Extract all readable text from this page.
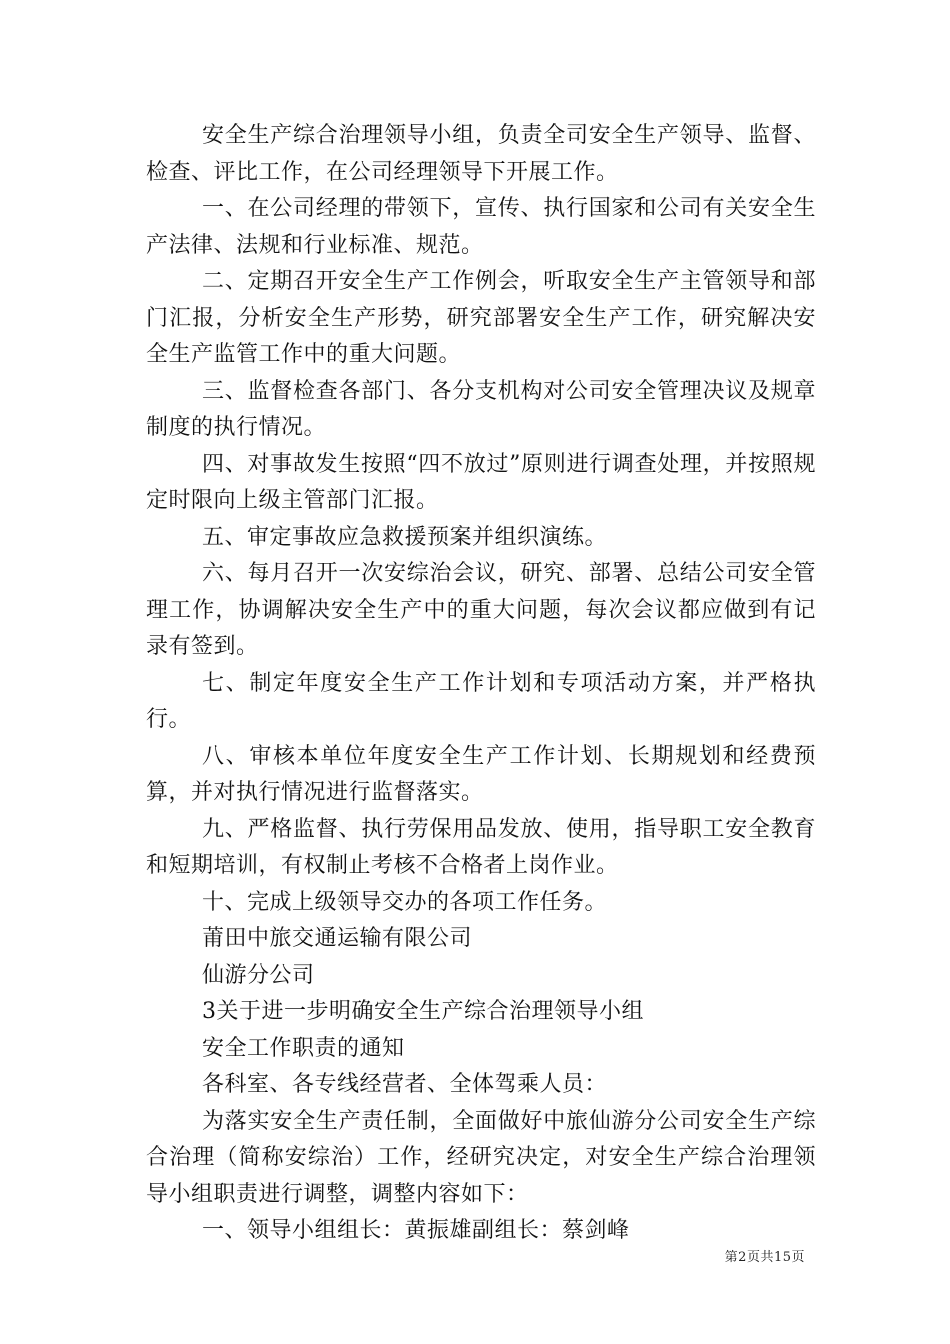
安全生产综合治理领导小组，负责全司安全生产领导、监督、检查、评比工作，在公司经理领导下开展工作。

一、在公司经理的带领下，宣传、执行国家和公司有关安全生产法律、法规和行业标准、规范。

二、定期召开安全生产工作例会，听取安全生产主管领导和部门汇报，分析安全生产形势，研究部署安全生产工作，研究解决安全生产监管工作中的重大问题。

三、监督检查各部门、各分支机构对公司安全管理决议及规章制度的执行情况。

四、对事故发生按照“四不放过”原则进行调查处理，并按照规定时限向上级主管部门汇报。

五、审定事故应急救援预案并组织演练。

六、每月召开一次安综治会议，研究、部署、总结公司安全管理工作，协调解决安全生产中的重大问题，每次会议都应做到有记录有签到。

七、制定年度安全生产工作计划和专项活动方案，并严格执行。

八、审核本单位年度安全生产工作计划、长期规划和经费预算，并对执行情况进行监督落实。

九、严格监督、执行劳保用品发放、使用，指导职工安全教育和短期培训，有权制止考核不合格者上岗作业。

十、完成上级领导交办的各项工作任务。

莆田中旅交通运输有限公司

仙游分公司

3关于进一步明确安全生产综合治理领导小组

安全工作职责的通知

各科室、各专线经营者、全体驾乘人员：

为落实安全生产责任制，全面做好中旅仙游分公司安全生产综合治理（简称安综治）工作，经研究决定，对安全生产综合治理领导小组职责进行调整，调整内容如下：

一、领导小组组长：黄振雄副组长：蔡剑峰

第2页共15页
